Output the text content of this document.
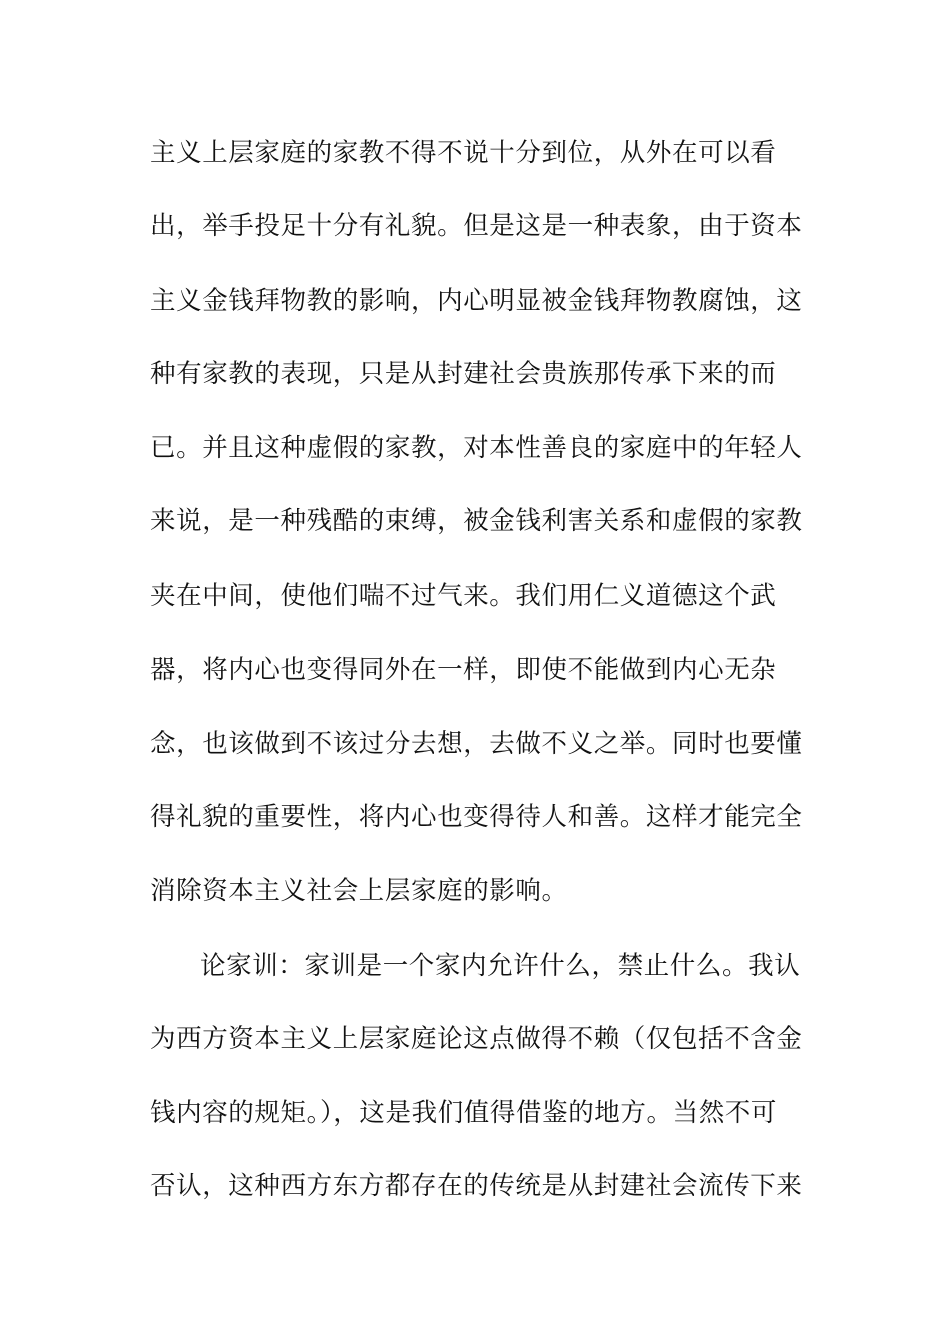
主义上层家庭的家教不得不说十分到位，从外在可以看
出，举手投足十分有礼貌。但是这是一种表象，由于资本
主义金钱拜物教的影响，内心明显被金钱拜物教腐蚀，这
种有家教的表现，只是从封建社会贵族那传承下来的而
已。并且这种虚假的家教，对本性善良的家庭中的年轻人
来说，是一种残酷的束缚，被金钱利害关系和虚假的家教
夹在中间，使他们喘不过气来。我们用仁义道德这个武
器，将内心也变得同外在一样，即使不能做到内心无杂
念，也该做到不该过分去想，去做不义之举。同时也要懂
得礼貌的重要性，将内心也变得待人和善。这样才能完全
消除资本主义社会上层家庭的影响。
论家训：家训是一个家内允许什么，禁止什么。我认
为西方资本主义上层家庭论这点做得不赖（仅包括不含金
钱内容的规矩。），这是我们值得借鉴的地方。当然不可
否认，这种西方东方都存在的传统是从封建社会流传下来
